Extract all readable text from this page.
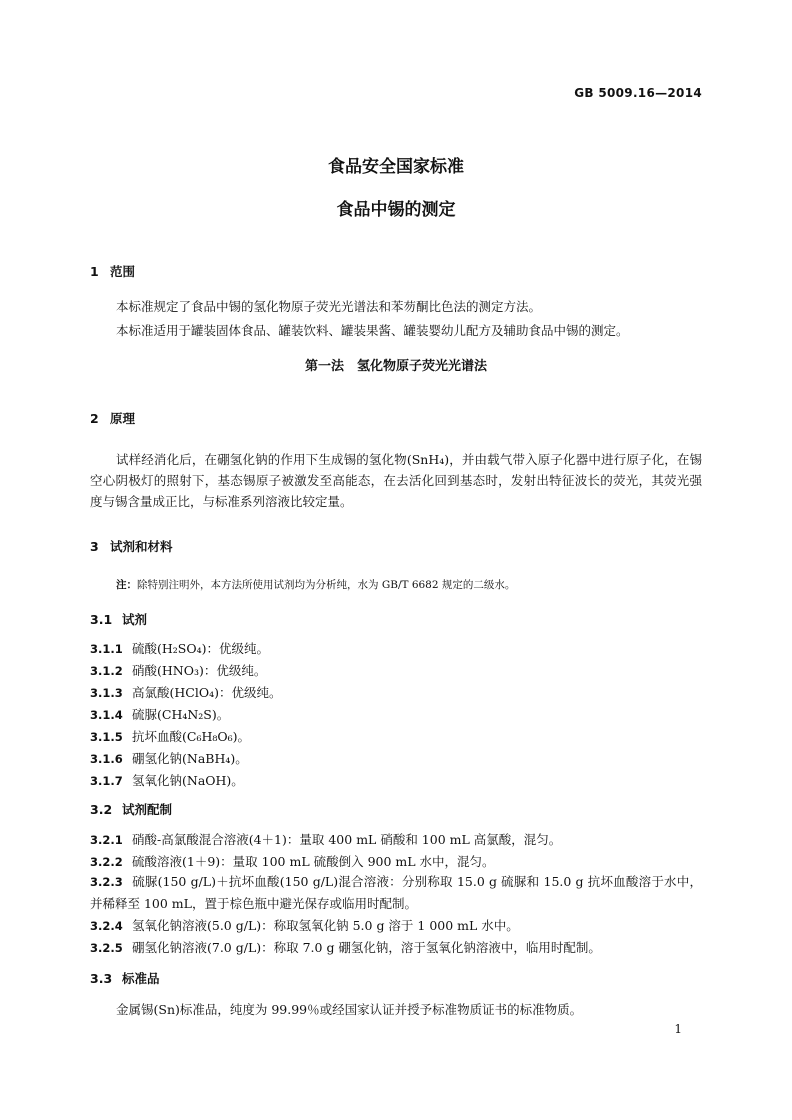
GB 5009.16—2014
食品安全国家标准
食品中锡的测定
1 范围
本标准规定了食品中锡的氢化物原子荧光光谱法和苯芴酮比色法的测定方法。
本标准适用于罐装固体食品、罐装饮料、罐装果酱、罐装婴幼儿配方及辅助食品中锡的测定。
第一法　氢化物原子荧光光谱法
2 原理
试样经消化后，在硼氢化钠的作用下生成锡的氢化物(SnH₄)，并由载气带入原子化器中进行原子化，在锡空心阴极灯的照射下，基态锡原子被激发至高能态，在去活化回到基态时，发射出特征波长的荧光，其荧光强度与锡含量成正比，与标准系列溶液比较定量。
3 试剂和材料
注：除特别注明外，本方法所使用试剂均为分析纯，水为 GB/T 6682 规定的二级水。
3.1 试剂
3.1.1 硫酸(H₂SO₄)：优级纯。
3.1.2 硝酸(HNO₃)：优级纯。
3.1.3 高氯酸(HClO₄)：优级纯。
3.1.4 硫脲(CH₄N₂S)。
3.1.5 抗坏血酸(C₆H₈O₆)。
3.1.6 硼氢化钠(NaBH₄)。
3.1.7 氢氧化钠(NaOH)。
3.2 试剂配制
3.2.1 硝酸-高氯酸混合溶液(4＋1)：量取 400 mL 硝酸和 100 mL 高氯酸，混匀。
3.2.2 硫酸溶液(1＋9)：量取 100 mL 硫酸倒入 900 mL 水中，混匀。
3.2.3 硫脲(150 g/L)＋抗坏血酸(150 g/L)混合溶液：分别称取 15.0 g 硫脲和 15.0 g 抗坏血酸溶于水中，并稀释至 100 mL，置于棕色瓶中避光保存或临用时配制。
3.2.4 氢氧化钠溶液(5.0 g/L)：称取氢氧化钠 5.0 g 溶于 1 000 mL 水中。
3.2.5 硼氢化钠溶液(7.0 g/L)：称取 7.0 g 硼氢化钠，溶于氢氧化钠溶液中，临用时配制。
3.3 标准品
金属锡(Sn)标准品，纯度为 99.99％或经国家认证并授予标准物质证书的标准物质。
1
